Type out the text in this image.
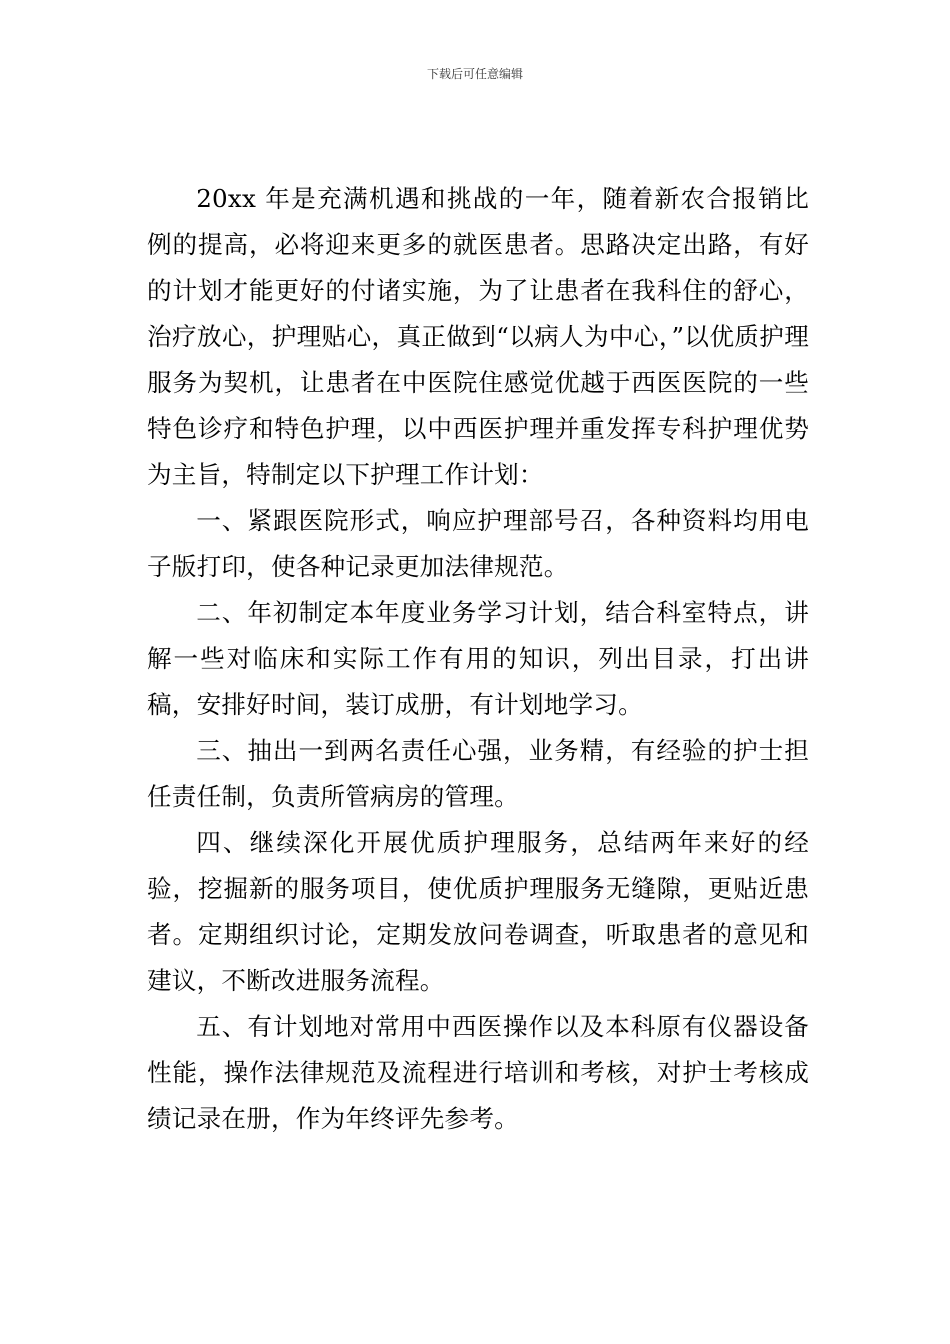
下载后可任意编辑

20xx 年是充满机遇和挑战的一年，随着新农合报销比例的提高，必将迎来更多的就医患者。思路决定出路，有好的计划才能更好的付诸实施，为了让患者在我科住的舒心，治疗放心，护理贴心，真正做到“以病人为中心，”以优质护理服务为契机，让患者在中医院住感觉优越于西医医院的一些特色诊疗和特色护理，以中西医护理并重发挥专科护理优势为主旨，特制定以下护理工作计划：

一、紧跟医院形式，响应护理部号召，各种资料均用电子版打印，使各种记录更加法律规范。

二、年初制定本年度业务学习计划，结合科室特点，讲解一些对临床和实际工作有用的知识，列出目录，打出讲稿，安排好时间，装订成册，有计划地学习。

三、抽出一到两名责任心强，业务精，有经验的护士担任责任制，负责所管病房的管理。

四、继续深化开展优质护理服务，总结两年来好的经验，挖掘新的服务项目，使优质护理服务无缝隙，更贴近患者。定期组织讨论，定期发放问卷调查，听取患者的意见和建议，不断改进服务流程。

五、有计划地对常用中西医操作以及本科原有仪器设备性能，操作法律规范及流程进行培训和考核，对护士考核成绩记录在册，作为年终评先参考。
